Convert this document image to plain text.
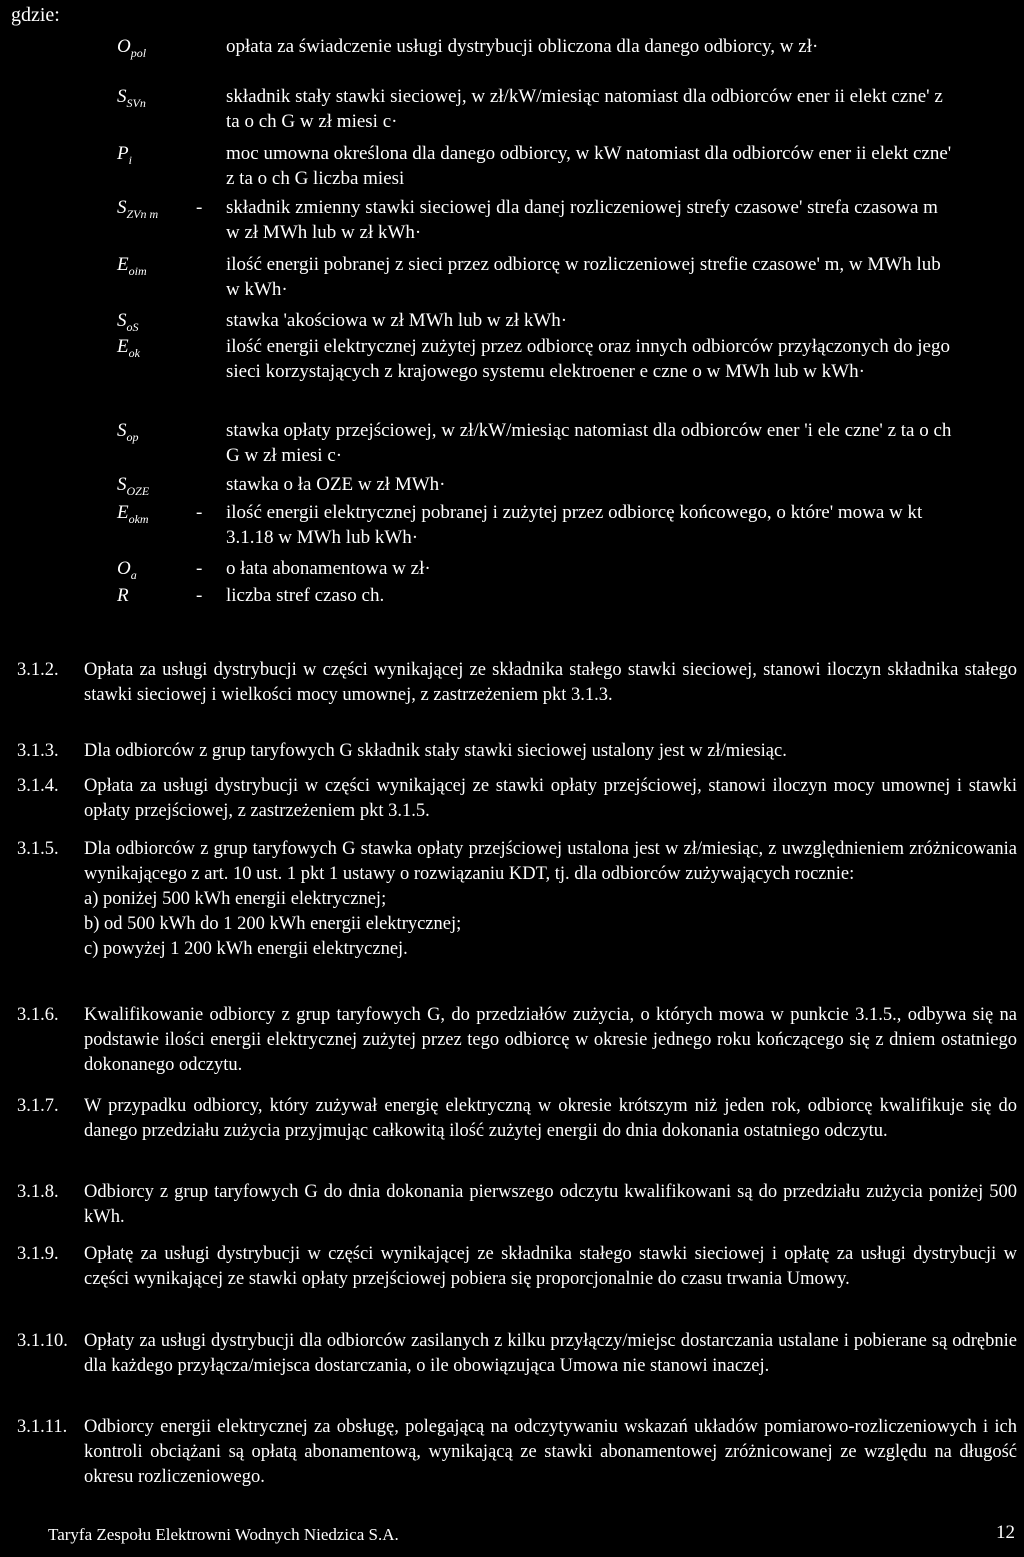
gdzie:
$O_{pol}$	opłata za świadczenie usługi dystrybucji obliczona dla danego odbiorcy, w zł·
$S_{SVn}$	składnik stały stawki sieciowej, w zł/kW/miesiąc natomiast dla odbiorców ener ii elekt czne' z ta o ch G w zł miesi c·
$P_i$	moc umowna określona dla danego odbiorcy, w kW natomiast dla odbiorców ener ii elekt czne' z ta o ch G liczba miesi
$S_{ZVn m}$ - składnik zmienny stawki sieciowej dla danej rozliczeniowej strefy czasowe' strefa czasowa m w zł MWh lub w zł kWh·
$E_{oim}$	ilość energii pobranej z sieci przez odbiorcę w rozliczeniowej strefie czasowe' m, w MWh lub w kWh·
$S_{oS}$	stawka 'akościowa w zł MWh lub w zł kWh·
$E_{ok}$	ilość energii elektrycznej zużytej przez odbiorcę oraz innych odbiorców przyłączonych do jego sieci korzystających z krajowego systemu elektroener e czne o w MWh lub w kWh·
$S_{op}$	stawka opłaty przejściowej, w zł/kW/miesiąc natomiast dla odbiorców ener 'i ele czne' z ta o ch G w zł miesi c·
$S_{OZE}$	stawka o ła OZE w zł MWh·
$E_{okm}$ - ilość energii elektrycznej pobranej i zużytej przez odbiorcę końcowego, o które' mowa w kt 3.1.18 w MWh lub kWh·
$O_a$	- o łata abonamentowa w zł·
R	- liczba stref czaso ch.
3.1.2. Opłata za usługi dystrybucji w części wynikającej ze składnika stałego stawki sieciowej, stanowi iloczyn składnika stałego stawki sieciowej i wielkości mocy umownej, z zastrzeżeniem pkt 3.1.3.
3.1.3. Dla odbiorców z grup taryfowych G składnik stały stawki sieciowej ustalony jest w zł/miesiąc.
3.1.4. Opłata za usługi dystrybucji w części wynikającej ze stawki opłaty przejściowej, stanowi iloczyn mocy umownej i stawki opłaty przejściowej, z zastrzeżeniem pkt 3.1.5.
3.1.5. Dla odbiorców z grup taryfowych G stawka opłaty przejściowej ustalona jest w zł/miesiąc, z uwzględnieniem zróżnicowania wynikającego z art. 10 ust. 1 pkt 1 ustawy o rozwiązaniu KDT, tj. dla odbiorców zużywających rocznie:
a) poniżej 500 kWh energii elektrycznej;
b) od 500 kWh do 1 200 kWh energii elektrycznej;
c) powyżej 1 200 kWh energii elektrycznej.
3.1.6. Kwalifikowanie odbiorcy z grup taryfowych G, do przedziałów zużycia, o których mowa w punkcie 3.1.5., odbywa się na podstawie ilości energii elektrycznej zużytej przez tego odbiorcę w okresie jednego roku kończącego się z dniem ostatniego dokonanego odczytu.
3.1.7. W przypadku odbiorcy, który zużywał energię elektryczną w okresie krótszym niż jeden rok, odbiorcę kwalifikuje się do danego przedziału zużycia przyjmując całkowitą ilość zużytej energii do dnia dokonania ostatniego odczytu.
3.1.8. Odbiorcy z grup taryfowych G do dnia dokonania pierwszego odczytu kwalifikowani są do przedziału zużycia poniżej 500 kWh.
3.1.9. Opłatę za usługi dystrybucji w części wynikającej ze składnika stałego stawki sieciowej i opłatę za usługi dystrybucji w części wynikającej ze stawki opłaty przejściowej pobiera się proporcjonalnie do czasu trwania Umowy.
3.1.10. Opłaty za usługi dystrybucji dla odbiorców zasilanych z kilku przyłączy/miejsc dostarczania ustalane i pobierane są odrębnie dla każdego przyłącza/miejsca dostarczania, o ile obowiązująca Umowa nie stanowi inaczej.
3.1.11. Odbiorcy energii elektrycznej za obsługę, polegającą na odczytywaniu wskazań układów pomiarowo-rozliczeniowych i ich kontroli obciążani są opłatą abonamentową, wynikającą ze stawki abonamentowej zróżnicowanej ze względu na długość okresu rozliczeniowego.
Taryfa Zespołu Elektrowni Wodnych Niedzica S.A.	12
